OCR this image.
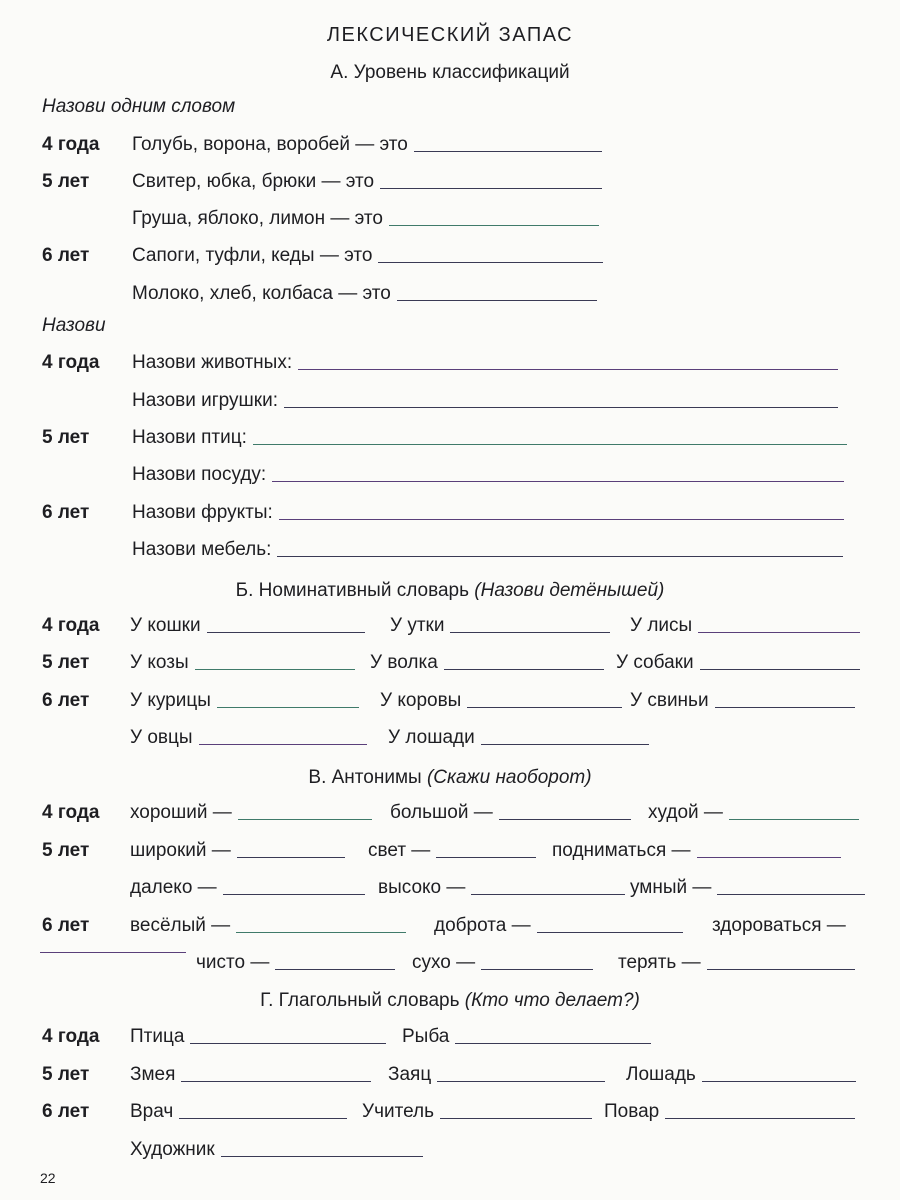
ЛЕКСИЧЕСКИЙ ЗАПАС
А. Уровень классификаций
Назови одним словом
4 года Голубь, ворона, воробей — это
5 лет Свитер, юбка, брюки — это
Груша, яблоко, лимон — это
6 лет Сапоги, туфли, кеды — это
Молоко, хлеб, колбаса — это
Назови
4 года Назови животных:
Назови игрушки:
5 лет Назови птиц:
Назови посуду:
6 лет Назови фрукты:
Назови мебель:
Б. Номинативный словарь (Назови детёнышей)
4 года У кошки	У утки	У лисы
5 лет У козы	У волка	У собаки
6 лет У курицы	У коровы	У свиньи
У овцы	У лошади
В. Антонимы (Скажи наоборот)
4 года хороший —	большой —	худой —
5 лет широкий —	свет —	подниматься —
далеко —	высоко —	умный —
6 лет весёлый —	доброта —	здороваться —
чисто —	сухо —	терять —
Г. Глагольный словарь (Кто что делает?)
4 года Птица	Рыба
5 лет Змея	Заяц	Лошадь
6 лет Врач	Учитель	Повар
Художник
22
